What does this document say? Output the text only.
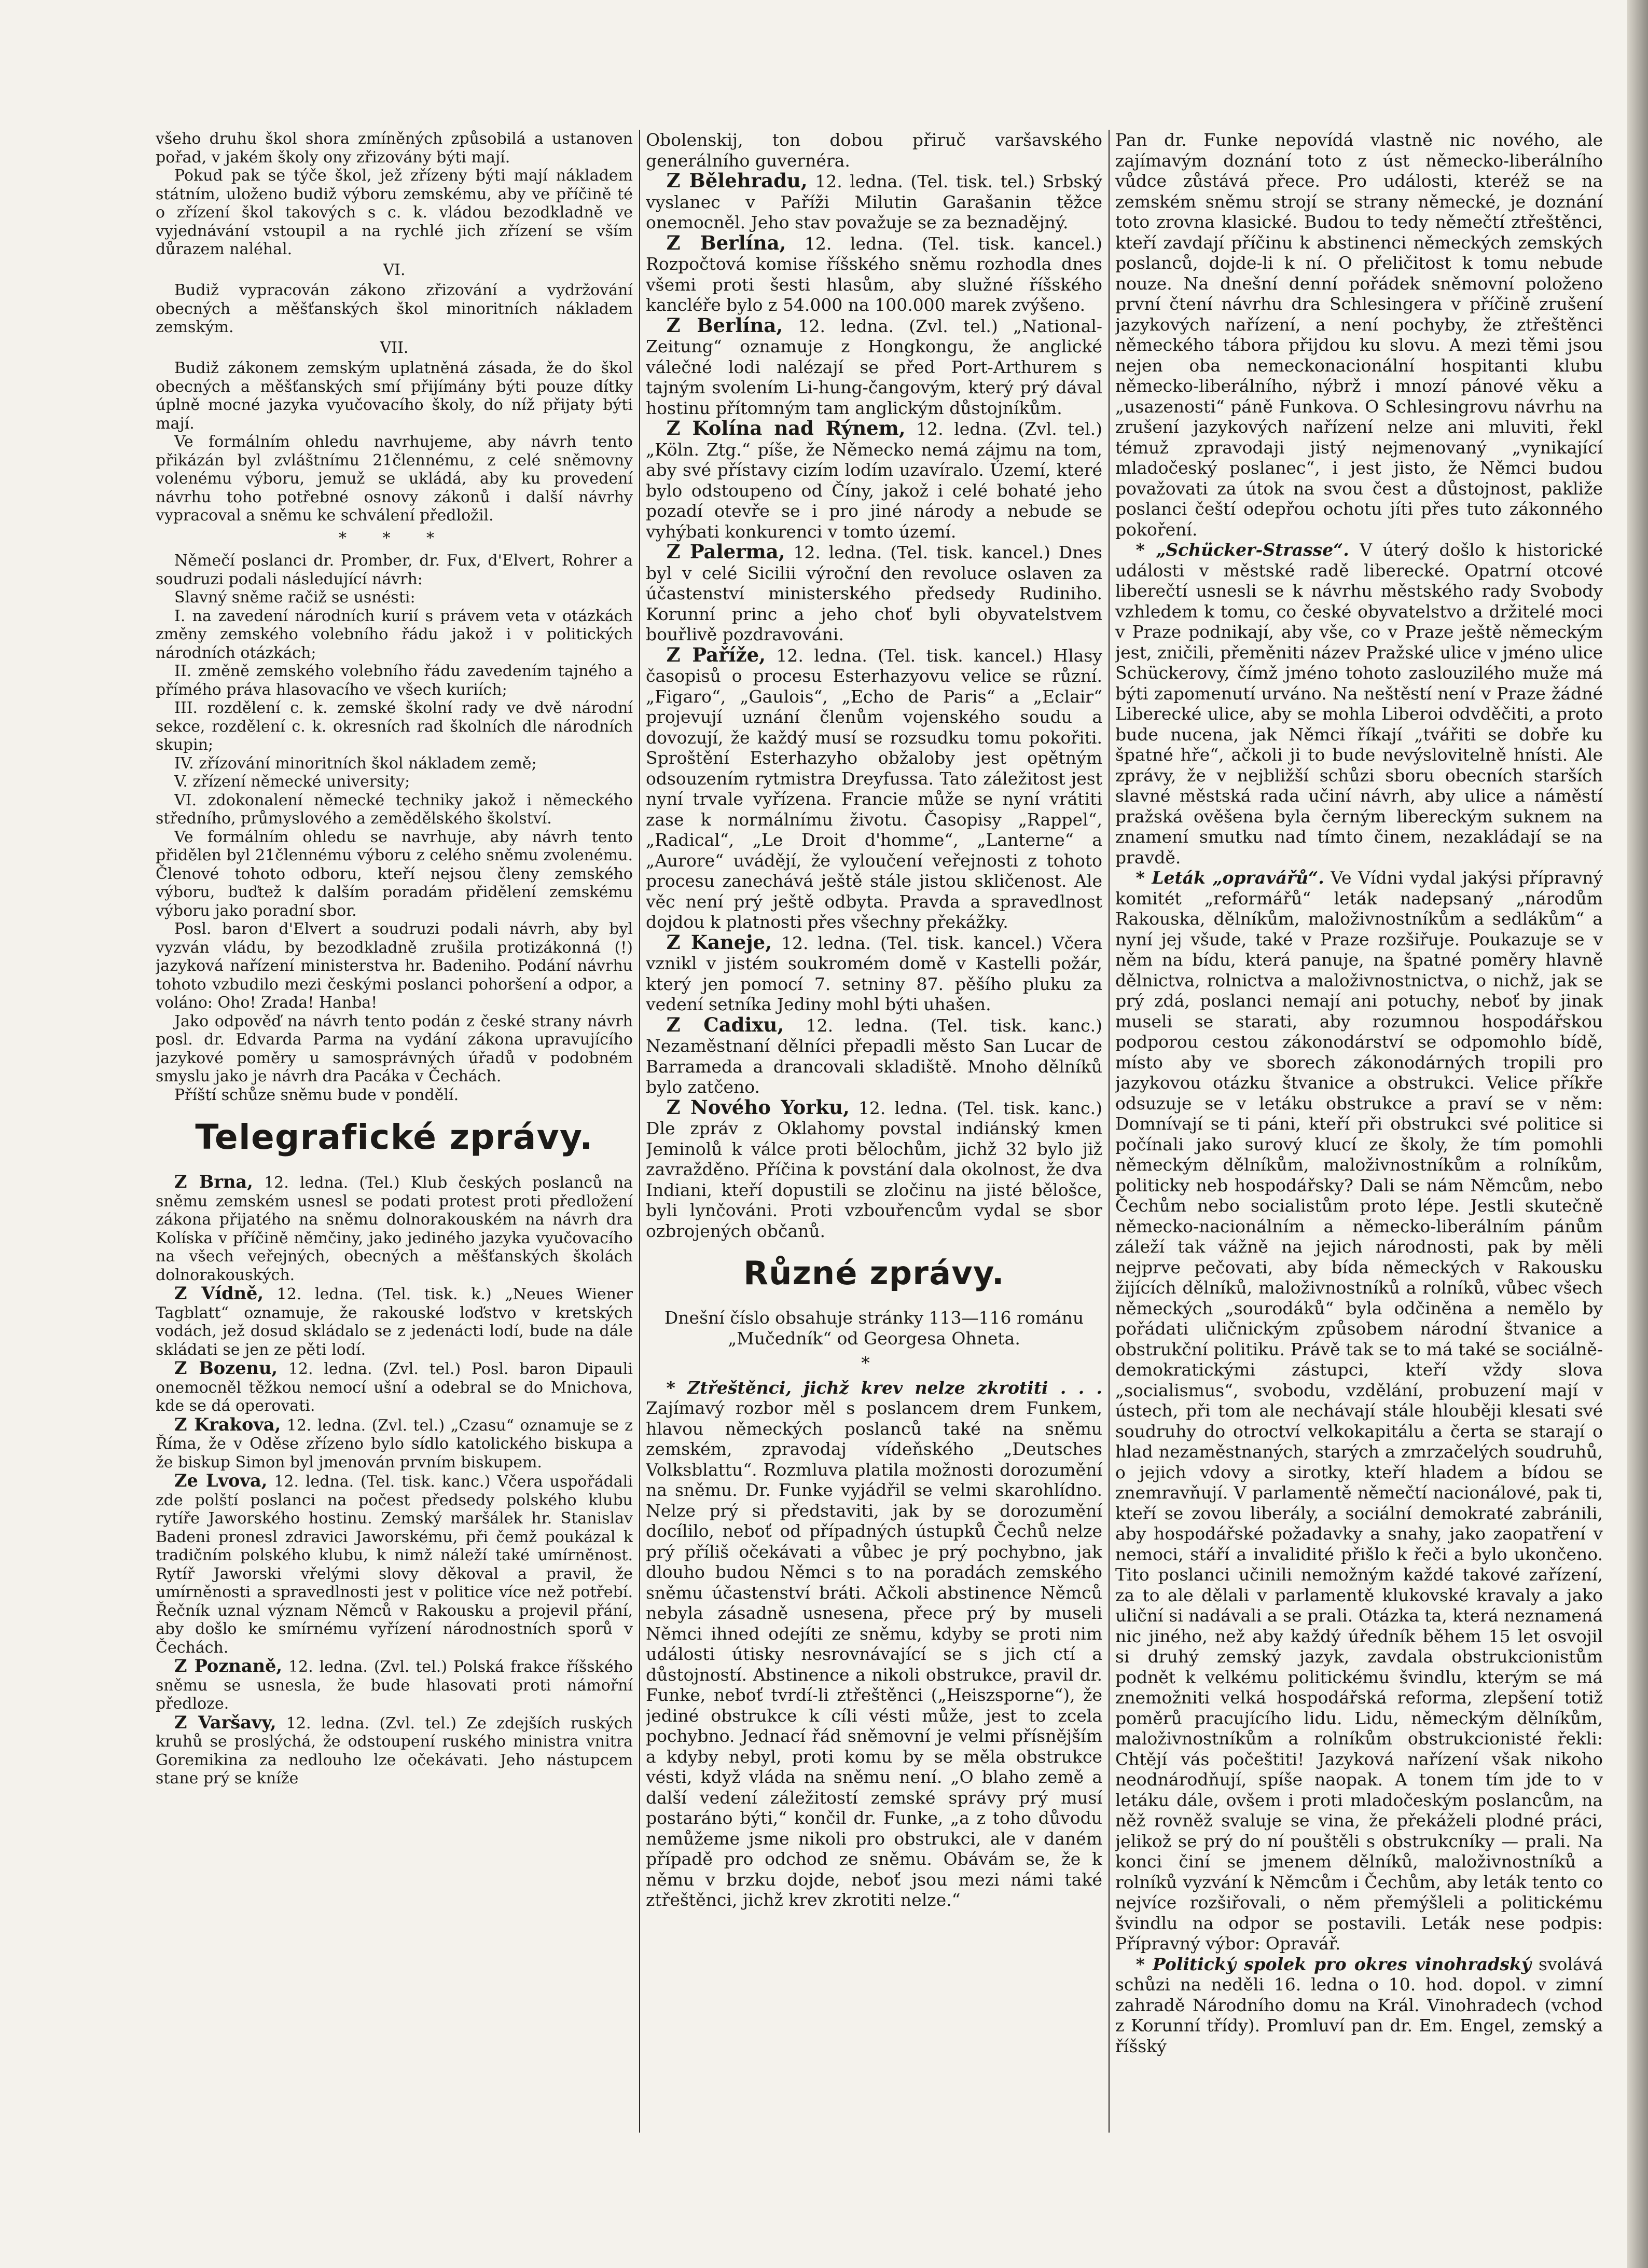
všeho druhu škol shora zmíněných způsobilá a ustanoven pořad, v jakém školy ony zřizovány býti mají.

Pokud pak se týče škol, jež zřízeny býti mají nákladem státním, uloženo budiž výboru zemskému, aby ve příčině té o zřízení škol takových s c. k. vládou bezodkladně ve vyjednávání vstoupil a na rychlé jich zřízení se vším důrazem naléhal.

VI.

Budiž vypracován zákono zřizování a vydržování obecných a měšťanských škol minoritních nákladem zemským.

VII.

Budiž zákonem zemským uplatněná zásada, že do škol obecných a měšťanských smí přijímány býti pouze dítky úplně mocné jazyka vyučovacího školy, do níž přijaty býti mají.

Ve formálním ohledu navrhujeme, aby návrh tento přikázán byl zvláštnímu 21člennému, z celé sněmovny volenému výboru, jemuž se ukládá, aby ku provedení návrhu toho potřebné osnovy zákonů i další návrhy vypracoval a sněmu ke schválení předložil.

* * *

Němečí poslanci dr. Promber, dr. Fux, d'Elvert, Rohrer a soudruzi podali následující návrh:

Slavný sněme račiž se usnésti:

I. na zavedení národních kurií s právem veta v otázkách změny zemského volebního řádu jakož i v politických národních otázkách;

II. změně zemského volebního řádu zavedením tajného a přímého práva hlasovacího ve všech kuriích;

III. rozdělení c. k. zemské školní rady ve dvě národní sekce, rozdělení c. k. okresních rad školních dle národních skupin;

IV. zřízování minoritních škol nákladem země;

V. zřízení německé university;

VI. zdokonalení německé techniky jakož i německého středního, průmyslového a zemědělského školství.

Ve formálním ohledu se navrhuje, aby návrh tento přidělen byl 21člennému výboru z celého sněmu zvolenému. Členové tohoto odboru, kteří nejsou členy zemského výboru, buďtež k dalším poradám přidělení zemskému výboru jako poradní sbor.

Posl. baron d'Elvert a soudruzi podali návrh, aby byl vyzván vládu, by bezodkladně zrušila protizákonná (!) jazyková nařízení ministerstva hr. Badeniho. Podání návrhu tohoto vzbudilo mezi českými poslanci pohoršení a odpor, a voláno: Oho! Zrada! Hanba!

Jako odpověď na návrh tento podán z české strany návrh posl. dr. Edvarda Parma na vydání zákona upravujícího jazykové poměry u samosprávných úřadů v podobném smyslu jako je návrh dra Pacáka v Čechách.

Příští schůze sněmu bude v pondělí.

Telegrafické zprávy.

Z Brna, 12. ledna. (Tel.) Klub českých poslanců na sněmu zemském usnesl se podati protest proti předložení zákona přijatého na sněmu dolnorakouském na návrh dra Kolíska v příčině němčiny, jako jediného jazyka vyučovacího na všech veřejných, obecných a měšťanských školách dolnorakouských.

Z Vídně, 12. ledna. (Tel. tisk. k.) „Neues Wiener Tagblatt“ oznamuje, že rakouské loďstvo v kretských vodách, jež dosud skládalo se z jedenácti lodí, bude na dále skládati se jen ze pěti lodí.

Z Bozenu, 12. ledna. (Zvl. tel.) Posl. baron Dipauli onemocněl těžkou nemocí ušní a odebral se do Mnichova, kde se dá operovati.

Z Krakova, 12. ledna. (Zvl. tel.) „Czasu“ oznamuje se z Říma, že v Oděse zřízeno bylo sídlo katolického biskupa a že biskup Simon byl jmenován prvním biskupem.

Ze Lvova, 12. ledna. (Tel. tisk. kanc.) Včera uspořádali zde polští poslanci na počest předsedy polského klubu rytíře Jaworského hostinu. Zemský maršálek hr. Stanislav Badeni pronesl zdravici Jaworskému, při čemž poukázal k tradičním polského klubu, k nimž náleží také umírněnost. Rytíř Jaworski vřelými slovy děkoval a pravil, že umírněnosti a spravedlnosti jest v politice více než potřebí. Řečník uznal význam Němců v Rakousku a projevil přání, aby došlo ke smírnému vyřízení národnostních sporů v Čechách.

Z Poznaně, 12. ledna. (Zvl. tel.) Polská frakce říšského sněmu se usnesla, že bude hlasovati proti námořní předloze.

Z Varšavy, 12. ledna. (Zvl. tel.) Ze zdejších ruských kruhů se proslýchá, že odstoupení ruského ministra vnitra Goremikina za nedlouho lze očekávati. Jeho nástupcem stane prý se kníže

Obolenskij, ton dobou přiruč varšavského generálního guvernéra.

Z Bělehradu, 12. ledna. (Tel. tisk. tel.) Srbský vyslanec v Paříži Milutin Garašanin těžce onemocněl. Jeho stav považuje se za beznadějný.

Z Berlína, 12. ledna. (Tel. tisk. kancel.) Rozpočtová komise říšského sněmu rozhodla dnes všemi proti šesti hlasům, aby služné říšského kancléře bylo z 54.000 na 100.000 marek zvýšeno.

Z Berlína, 12. ledna. (Zvl. tel.) „National-Zeitung“ oznamuje z Hongkongu, že anglické válečné lodi nalézají se před Port-Arthurem s tajným svolením Li-hung-čangovým, který prý dával hostinu přítomným tam anglickým důstojníkům.

Z Kolína nad Rýnem, 12. ledna. (Zvl. tel.) „Köln. Ztg.“ píše, že Německo nemá zájmu na tom, aby své přístavy cizím lodím uzavíralo. Území, které bylo odstoupeno od Číny, jakož i celé bohaté jeho pozadí otevře se i pro jiné národy a nebude se vyhýbati konkurenci v tomto území.

Z Palerma, 12. ledna. (Tel. tisk. kancel.) Dnes byl v celé Sicilii výroční den revoluce oslaven za účastenství ministerského předsedy Rudiniho. Korunní princ a jeho choť byli obyvatelstvem bouřlivě pozdravováni.

Z Paříže, 12. ledna. (Tel. tisk. kancel.) Hlasy časopisů o procesu Esterhazyovu velice se různí. „Figaro“, „Gaulois“, „Echo de Paris“ a „Eclair“ projevují uznání členům vojenského soudu a dovozují, že každý musí se rozsudku tomu pokořiti. Sproštění Esterhazyho obžaloby jest opětným odsouzením rytmistra Dreyfussa. Tato záležitost jest nyní trvale vyřízena. Francie může se nyní vrátiti zase k normálnímu životu. Časopisy „Rappel“, „Radical“, „Le Droit d'homme“, „Lanterne“ a „Aurore“ uvádějí, že vyloučení veřejnosti z tohoto procesu zanechává ještě stále jistou skličenost. Ale věc není prý ještě odbyta. Pravda a spravedlnost dojdou k platnosti přes všechny překážky.

Z Kaneje, 12. ledna. (Tel. tisk. kancel.) Včera vznikl v jistém soukromém domě v Kastelli požár, který jen pomocí 7. setniny 87. pěšího pluku za vedení setníka Jediny mohl býti uhašen.

Z Cadixu, 12. ledna. (Tel. tisk. kanc.) Nezaměstnaní dělníci přepadli město San Lucar de Barrameda a drancovali skladiště. Mnoho dělníků bylo zatčeno.

Z Nového Yorku, 12. ledna. (Tel. tisk. kanc.) Dle zpráv z Oklahomy povstal indiánský kmen Jeminolů k válce proti bělochům, jichž 32 bylo již zavražděno. Příčina k povstání dala okolnost, že dva Indiani, kteří dopustili se zločinu na jisté bělošce, byli lynčováni. Proti vzbouřencům vydal se sbor ozbrojených občanů.

Různé zprávy.

Dnešní číslo obsahuje stránky 113—116 románu „Mučedník“ od Georgesa Ohneta.

*

* Ztřeštěnci, jichž krev nelze zkrotiti . . . Zajímavý rozbor měl s poslancem drem Funkem, hlavou německých poslanců také na sněmu zemském, zpravodaj vídeňského „Deutsches Volksblattu“. Rozmluva platila možnosti dorozumění na sněmu. Dr. Funke vyjádřil se velmi skarohlídno. Nelze prý si představiti, jak by se dorozumění docílilo, neboť od případných ústupků Čechů nelze prý příliš očekávati a vůbec je prý pochybno, jak dlouho budou Němci s to na poradách zemského sněmu účastenství bráti. Ačkoli abstinence Němců nebyla zásadně usnesena, přece prý by museli Němci ihned odejíti ze sněmu, kdyby se proti nim události útisky nesrovnávající se s jich ctí a důstojností. Abstinence a nikoli obstrukce, pravil dr. Funke, neboť tvrdí-li ztřeštěnci („Heiszsporne“), že jediné obstrukce k cíli vésti může, jest to zcela pochybno. Jednací řád sněmovní je velmi přísnějším a kdyby nebyl, proti komu by se měla obstrukce vésti, když vláda na sněmu není. „O blaho země a další vedení záležitostí zemské správy prý musí postaráno býti,“ končil dr. Funke, „a z toho důvodu nemůžeme jsme nikoli pro obstrukci, ale v daném případě pro odchod ze sněmu. Obávám se, že k němu v brzku dojde, neboť jsou mezi námi také ztřeštěnci, jichž krev zkrotiti nelze.“

Pan dr. Funke nepovídá vlastně nic nového, ale zajímavým doznání toto z úst německo-liberálního vůdce zůstává přece. Pro události, kteréž se na zemském sněmu strojí se strany německé, je doznání toto zrovna klasické. Budou to tedy němečtí ztřeštěnci, kteří zavdají příčinu k abstinenci německých zemských poslanců, dojde-li k ní. O přeličitost k tomu nebude nouze. Na dnešní denní pořádek sněmovní položeno první čtení návrhu dra Schlesingera v příčině zrušení jazykových nařízení, a není pochyby, že ztřeštěnci německého tábora přijdou ku slovu. A mezi těmi jsou nejen oba nemeckonacionální hospitanti klubu německo-liberálního, nýbrž i mnozí pánové věku a „usazenosti“ páně Funkova. O Schlesingrovu návrhu na zrušení jazykových nařízení nelze ani mluviti, řekl témuž zpravodaji jistý nejmenovaný „vynikající mladočeský poslanec“, i jest jisto, že Němci budou považovati za útok na svou čest a důstojnost, pakliže poslanci čeští odepřou ochotu jíti přes tuto zákonného pokoření.

* „Schücker-Strasse“. V úterý došlo k historické události v městské radě liberecké. Opatrní otcové liberečtí usnesli se k návrhu městského rady Svobody vzhledem k tomu, co české obyvatelstvo a držitelé moci v Praze podnikají, aby vše, co v Praze ještě německým jest, zničili, přeměniti název Pražské ulice v jméno ulice Schückerovy, čímž jméno tohoto zaslouzilého muže má býti zapomenutí urváno. Na neštěstí není v Praze žádné Liberecké ulice, aby se mohla Liberoi odvděčiti, a proto bude nucena, jak Němci říkají „tvářiti se dobře ku špatné hře“, ačkoli ji to bude nevýslovitelně hnísti. Ale zprávy, že v nejbližší schůzi sboru obecních starších slavné městská rada učiní návrh, aby ulice a náměstí pražská ověšena byla černým libereckým suknem na znamení smutku nad tímto činem, nezakládají se na pravdě.

* Leták „opravářů“. Ve Vídni vydal jakýsi přípravný komitét „reformářů“ leták nadepsaný „národům Rakouska, dělníkům, maloživnostníkům a sedlákům“ a nyní jej všude, také v Praze rozšiřuje. Poukazuje se v něm na bídu, která panuje, na špatné poměry hlavně dělnictva, rolnictva a maloživnostnictva, o nichž, jak se prý zdá, poslanci nemají ani potuchy, neboť by jinak museli se starati, aby rozumnou hospodářskou podporou cestou zákonodárství se odpomohlo bídě, místo aby ve sborech zákonodárných tropili pro jazykovou otázku štvanice a obstrukci. Velice příkře odsuzuje se v letáku obstrukce a praví se v něm: Domnívají se ti páni, kteří při obstrukci své politice si počínali jako surový klucí ze školy, že tím pomohli německým dělníkům, maloživnostníkům a rolníkům, politicky neb hospodářsky? Dali se nám Němcům, nebo Čechům nebo socialistům proto lépe. Jestli skutečně německo-nacionálním a německo-liberálním pánům záleží tak vážně na jejich národnosti, pak by měli nejprve pečovati, aby bída německých v Rakousku žijících dělníků, maloživnostníků a rolníků, vůbec všech německých „sourodáků“ byla odčiněna a nemělo by pořádati uličnickým způsobem národní štvanice a obstrukční politiku. Právě tak se to má také se sociálně-demokratickými zástupci, kteří vždy slova „socialismus“, svobodu, vzdělání, probuzení mají v ústech, při tom ale nechávají stále hlouběji klesati své soudruhy do otroctví velkokapitálu a čerta se starají o hlad nezaměstnaných, starých a zmrzačelých soudruhů, o jejich vdovy a sirotky, kteří hladem a bídou se znemravňují. V parlamentě němečtí nacionálové, pak ti, kteří se zovou liberály, a sociální demokraté zabránili, aby hospodářské požadavky a snahy, jako zaopatření v nemoci, stáří a invalidité přišlo k řeči a bylo ukončeno. Tito poslanci učinili nemožným každé takové zařízení, za to ale dělali v parlamentě klukovské kravaly a jako uliční si nadávali a se prali. Otázka ta, která neznamená nic jiného, než aby každý úředník během 15 let osvojil si druhý zemský jazyk, zavdala obstrukcionistům podnět k velkému politickému švindlu, kterým se má znemožniti velká hospodářská reforma, zlepšení totiž poměrů pracujícího lidu. Lidu, německým dělníkům, maloživnostníkům a rolníkům obstrukcionisté řekli: Chtějí vás počeštiti! Jazyková nařízení však nikoho neodnárodňují, spíše naopak. A tonem tím jde to v letáku dále, ovšem i proti mladočeským poslancům, na něž rovněž svaluje se vina, že překáželi plodné práci, jelikož se prý do ní pouštěli s obstrukcníky — prali. Na konci činí se jmenem dělníků, maloživnostníků a rolníků vyzvání k Němcům i Čechům, aby leták tento co nejvíce rozšiřovali, o něm přemýšleli a politickému švindlu na odpor se postavili. Leták nese podpis: Přípravný výbor: Opravář.

* Politický spolek pro okres vinohradský svolává schůzi na neděli 16. ledna o 10. hod. dopol. v zimní zahradě Národního domu na Král. Vinohradech (vchod z Korunní třídy). Promluví pan dr. Em. Engel, zemský a říšský
